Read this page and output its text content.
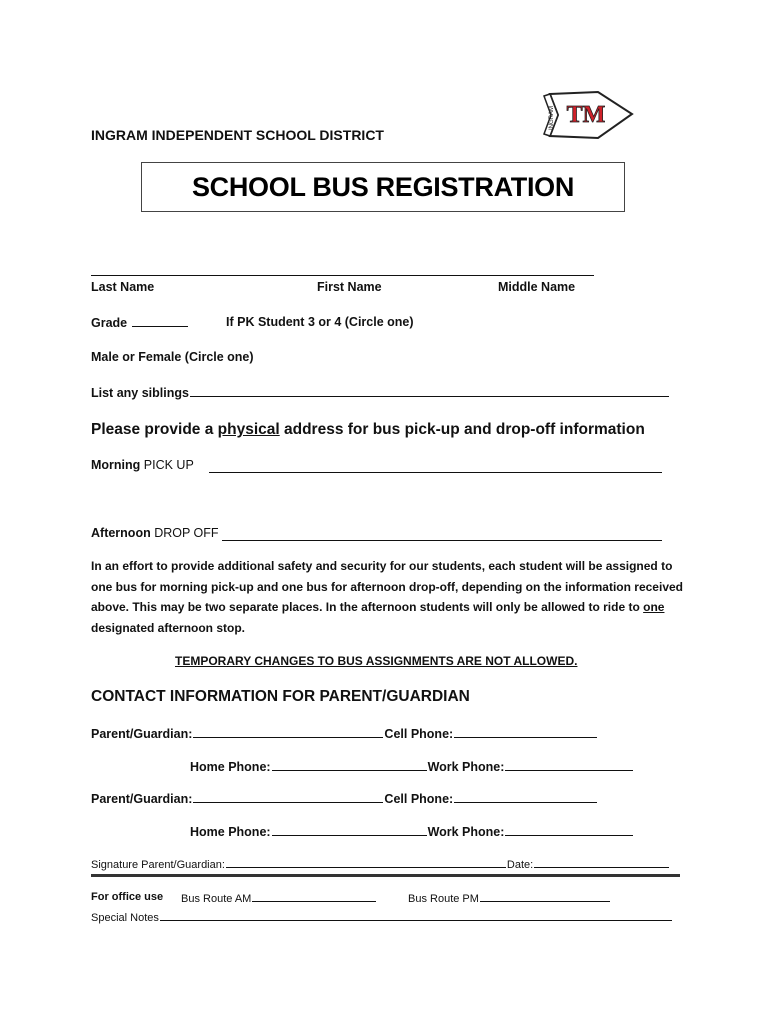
TM
INGRAM
INGRAM INDEPENDENT SCHOOL DISTRICT
SCHOOL BUS REGISTRATION
Last Name	First Name	Middle Name
Grade	If PK Student 3 or 4 (Circle one)
Male or Female (Circle one)
List any siblings
Please provide a physical address for bus pick-up and drop-off information
Morning PICK UP
Afternoon DROP OFF
In an effort to provide additional safety and security for our students, each student will be assigned to one bus for morning pick-up and one bus for afternoon drop-off, depending on the information received above. This may be two separate places. In the afternoon students will only be allowed to ride to one designated afternoon stop.
TEMPORARY CHANGES TO BUS ASSIGNMENTS ARE NOT ALLOWED.
CONTACT INFORMATION FOR PARENT/GUARDIAN
Parent/Guardian:	Cell Phone:
Home Phone:	Work Phone:
Parent/Guardian:	Cell Phone:
Home Phone:	Work Phone:
Signature Parent/Guardian:	Date:
For office use Bus Route AM	Bus Route PM
Special Notes
